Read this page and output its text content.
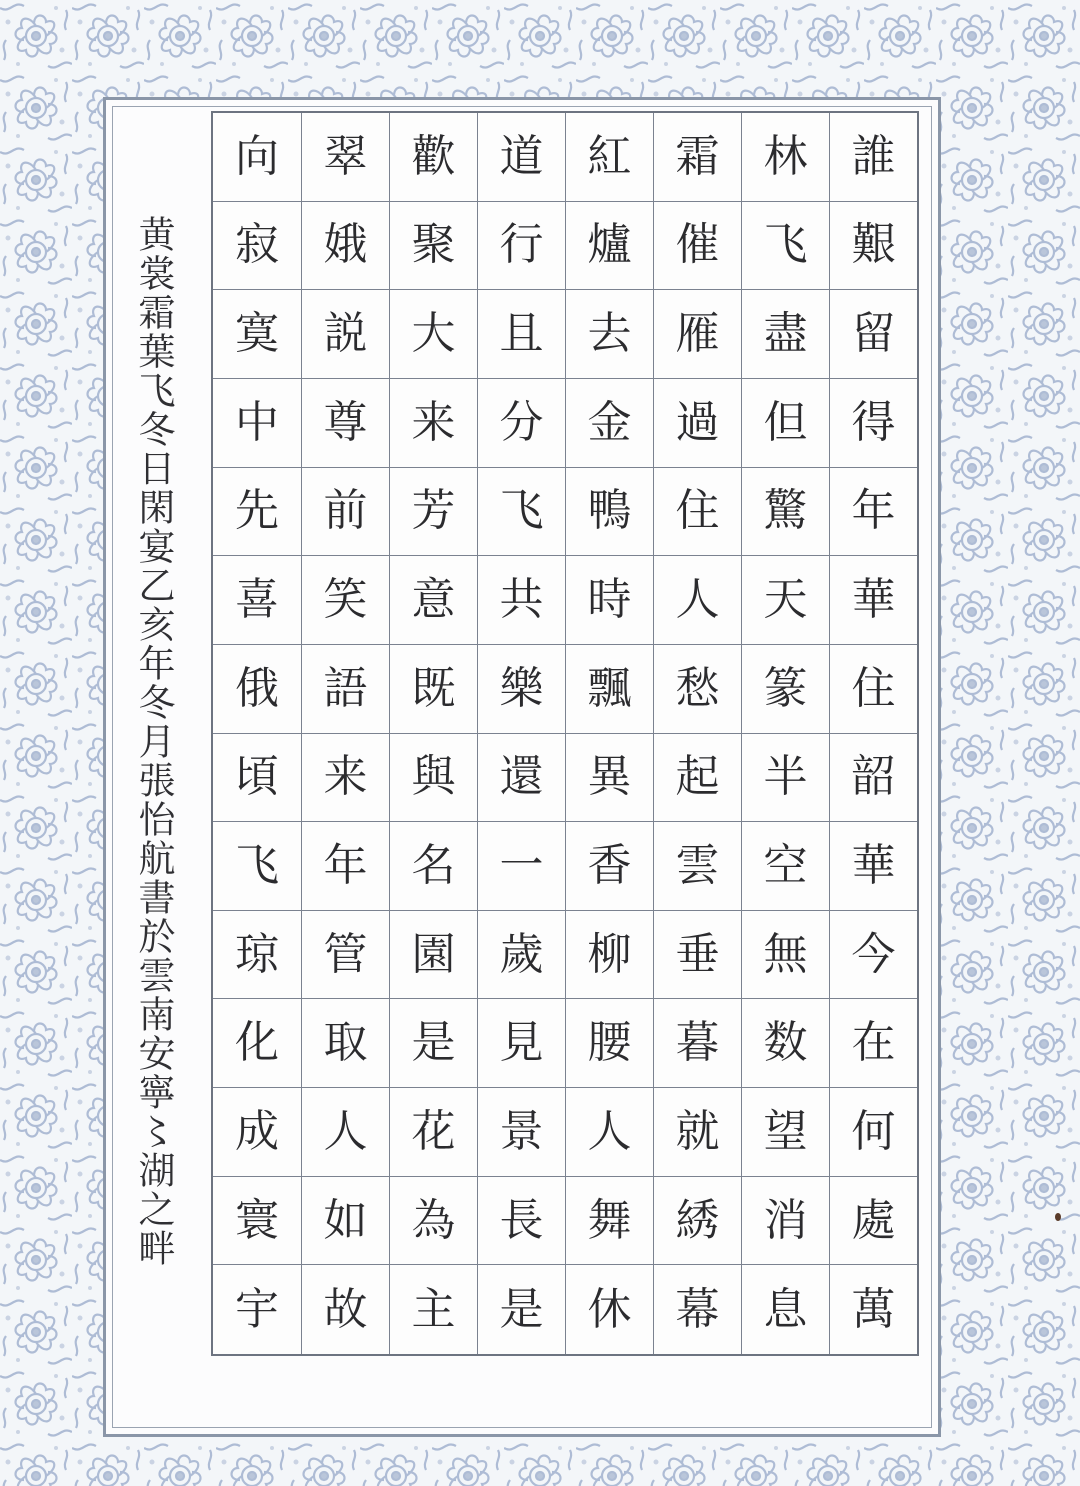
誰
艱
留
得
年
華
住
韶
華
今
在
何
處
萬
林
飞
盡
但
驚
天
篆
半
空
無
数
望
消
息
霜
催
雁
過
住
人
愁
起
雲
垂
暮
就
綉
幕
紅
爐
去
金
鴨
時
飄
異
香
柳
腰
人
舞
休
道
行
且
分
飞
共
樂
還
一
歲
見
景
長
是
歡
聚
大
来
芳
意
既
與
名
園
是
花
為
主
翠
娥
説
尊
前
笑
語
来
年
管
取
人
如
故
向
寂
寞
中
先
喜
俄
頃
飞
琼
化
成
寰
宇
黄裳霜葉飞冬日閑宴乙亥年冬月張怡航書於雲南安寧〻湖之畔
